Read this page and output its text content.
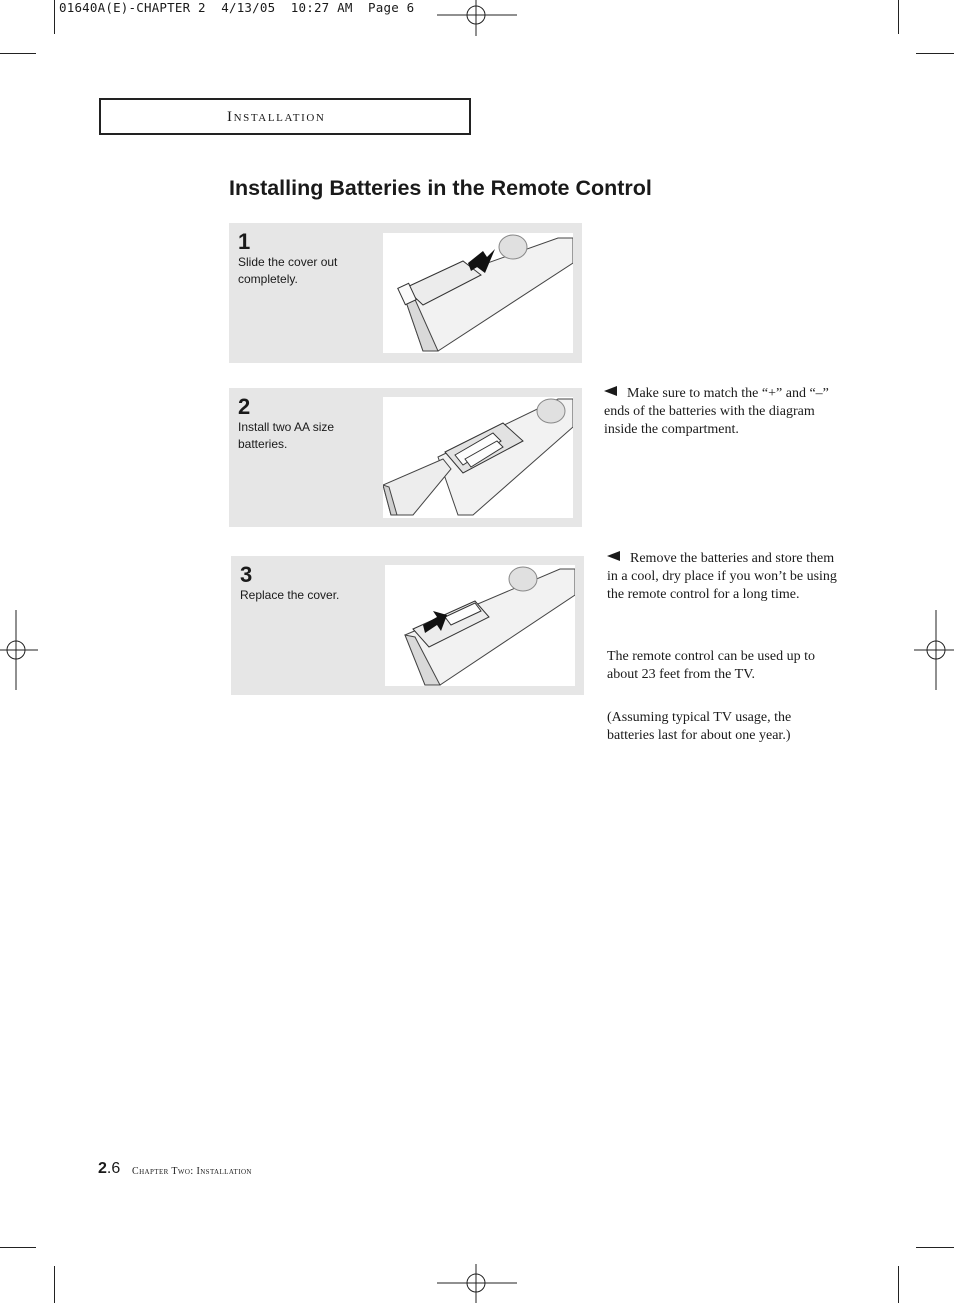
01640A(E)-CHAPTER 2  4/13/05  10:27 AM  Page 6
Installation
Installing Batteries in the Remote Control
1
Slide the cover out completely.
2
Install two AA size batteries.
3
Replace the cover.
Make sure to match the “+” and “–” ends of the batteries with the diagram inside the compartment.
Remove the batteries and store them in a cool, dry place if you won’t be using the remote control for a long time.
The remote control can be used up to about 23 feet from the TV.
(Assuming typical TV usage, the batteries last for about one year.)
2.6 Chapter Two: Installation
